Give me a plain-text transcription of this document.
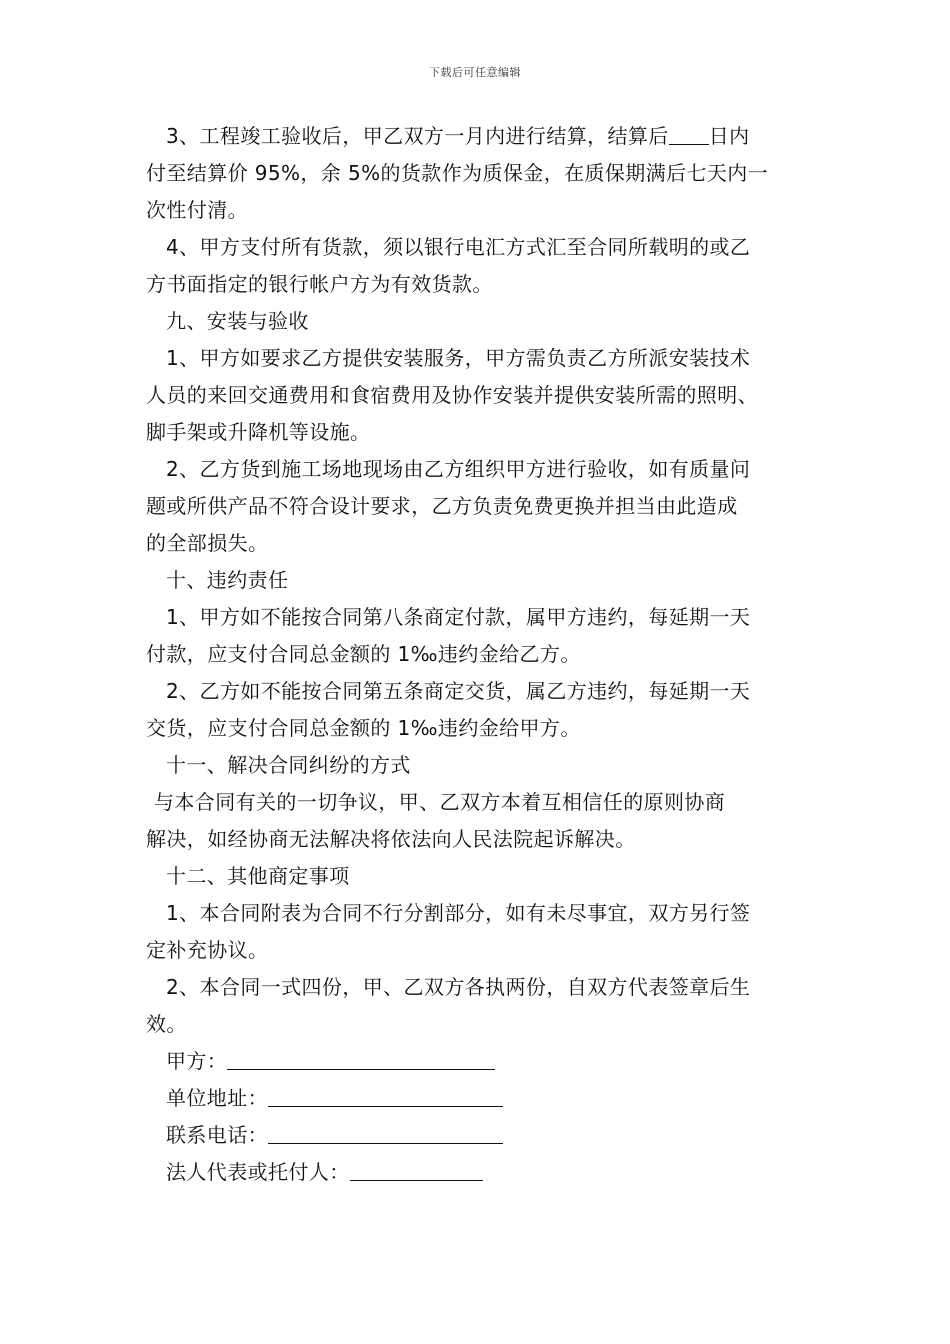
下载后可任意编辑
3、工程竣工验收后，甲乙双方一月内进行结算，结算后 日内
付至结算价 95%，余 5%的货款作为质保金，在质保期满后七天内一
次性付清。
4、甲方支付所有货款，须以银行电汇方式汇至合同所载明的或乙
方书面指定的银行帐户方为有效货款。
九、安装与验收
1、甲方如要求乙方提供安装服务，甲方需负责乙方所派安装技术
人员的来回交通费用和食宿费用及协作安装并提供安装所需的照明、
脚手架或升降机等设施。
2、乙方货到施工场地现场由乙方组织甲方进行验收，如有质量问
题或所供产品不符合设计要求，乙方负责免费更换并担当由此造成
的全部损失。
十、违约责任
1、甲方如不能按合同第八条商定付款，属甲方违约，每延期一天
付款，应支付合同总金额的 1‰违约金给乙方。
2、乙方如不能按合同第五条商定交货，属乙方违约，每延期一天
交货，应支付合同总金额的 1‰违约金给甲方。
十一、解决合同纠纷的方式
与本合同有关的一切争议，甲、乙双方本着互相信任的原则协商
解决，如经协商无法解决将依法向人民法院起诉解决。
十二、其他商定事项
1、本合同附表为合同不行分割部分，如有未尽事宜，双方另行签
定补充协议。
2、本合同一式四份，甲、乙双方各执两份，自双方代表签章后生
效。
甲方：
单位地址：
联系电话：
法人代表或托付人：
